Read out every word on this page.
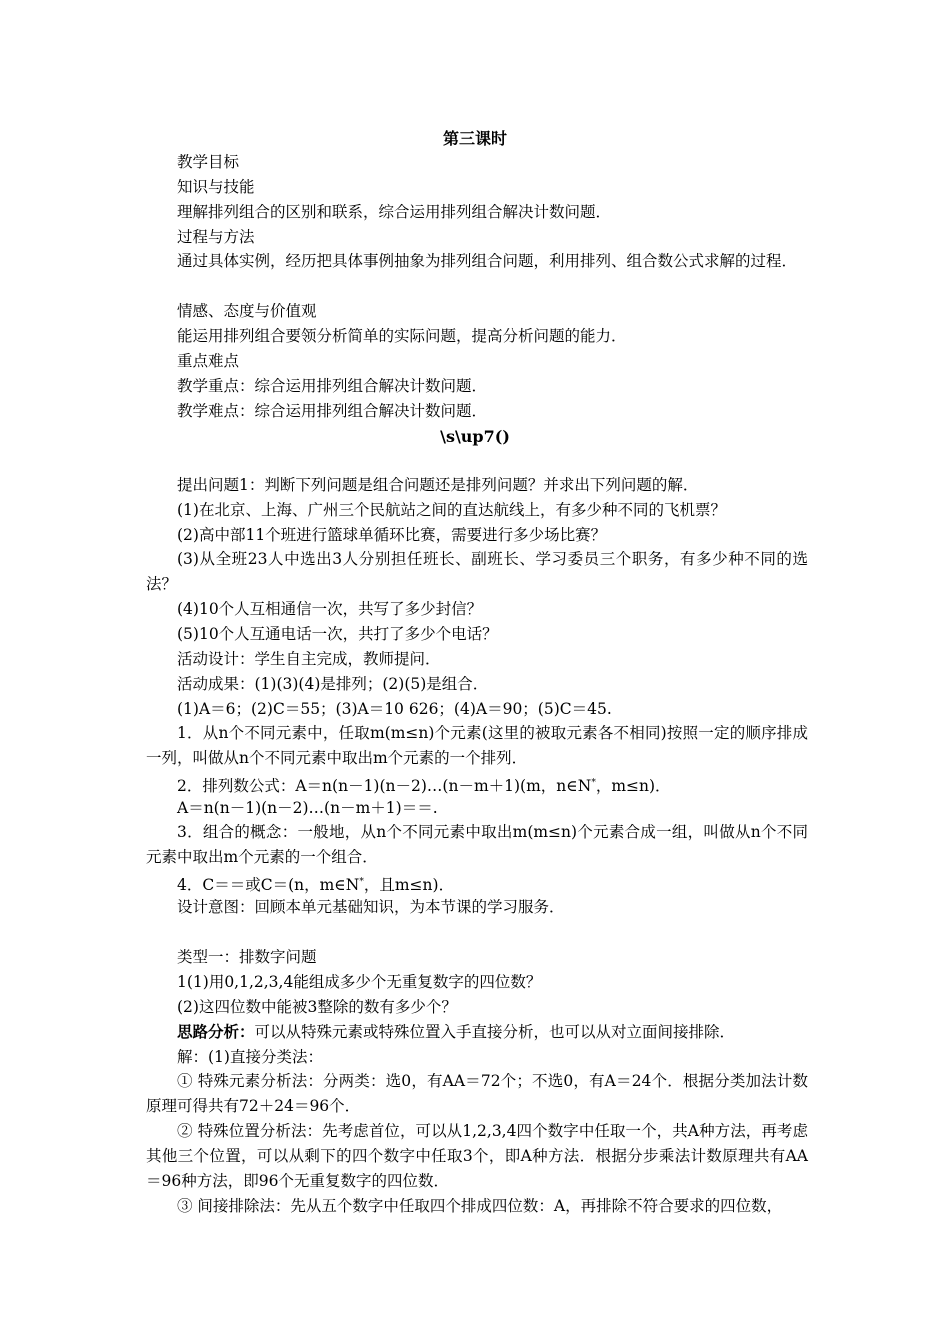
第三课时
教学目标
知识与技能
理解排列组合的区别和联系，综合运用排列组合解决计数问题．
过程与方法
通过具体实例，经历把具体事例抽象为排列组合问题，利用排列、组合数公式求解的过程．
情感、态度与价值观
能运用排列组合要领分析简单的实际问题，提高分析问题的能力．
重点难点
教学重点：综合运用排列组合解决计数问题．
教学难点：综合运用排列组合解决计数问题．
\s\up7()
提出问题1：判断下列问题是组合问题还是排列问题？并求出下列问题的解．
(1)在北京、上海、广州三个民航站之间的直达航线上，有多少种不同的飞机票？
(2)高中部11个班进行篮球单循环比赛，需要进行多少场比赛？
(3)从全班23人中选出3人分别担任班长、副班长、学习委员三个职务，有多少种不同的选法？
(4)10个人互相通信一次，共写了多少封信？
(5)10个人互通电话一次，共打了多少个电话？
活动设计：学生自主完成，教师提问．
活动成果：(1)(3)(4)是排列；(2)(5)是组合．
(1)A＝6；(2)C＝55；(3)A＝10 626；(4)A＝90；(5)C＝45.
1．从n个不同元素中，任取m(m≤n)个元素(这里的被取元素各不相同)按照一定的顺序排成一列，叫做从n个不同元素中取出m个元素的一个排列．
2．排列数公式：A＝n(n－1)(n－2)…(n－m＋1)(m，n∈N*，m≤n)．
A＝n(n－1)(n－2)…(n－m＋1)＝＝.
3．组合的概念：一般地，从n个不同元素中取出m(m≤n)个元素合成一组，叫做从n个不同元素中取出m个元素的一个组合．
4．C＝＝或C＝(n，m∈N*，且m≤n)．
设计意图：回顾本单元基础知识，为本节课的学习服务．
类型一：排数字问题
1(1)用0,1,2,3,4能组成多少个无重复数字的四位数？
(2)这四位数中能被3整除的数有多少个？
思路分析：可以从特殊元素或特殊位置入手直接分析，也可以从对立面间接排除．
解：(1)直接分类法：
① 特殊元素分析法：分两类：选0，有AA＝72个；不选0，有A＝24个．根据分类加法计数原理可得共有72＋24＝96个．
② 特殊位置分析法：先考虑首位，可以从1,2,3,4四个数字中任取一个，共A种方法，再考虑其他三个位置，可以从剩下的四个数字中任取3个，即A种方法．根据分步乘法计数原理共有AA＝96种方法，即96个无重复数字的四位数．
③ 间接排除法：先从五个数字中任取四个排成四位数：A，再排除不符合要求的四位数，
